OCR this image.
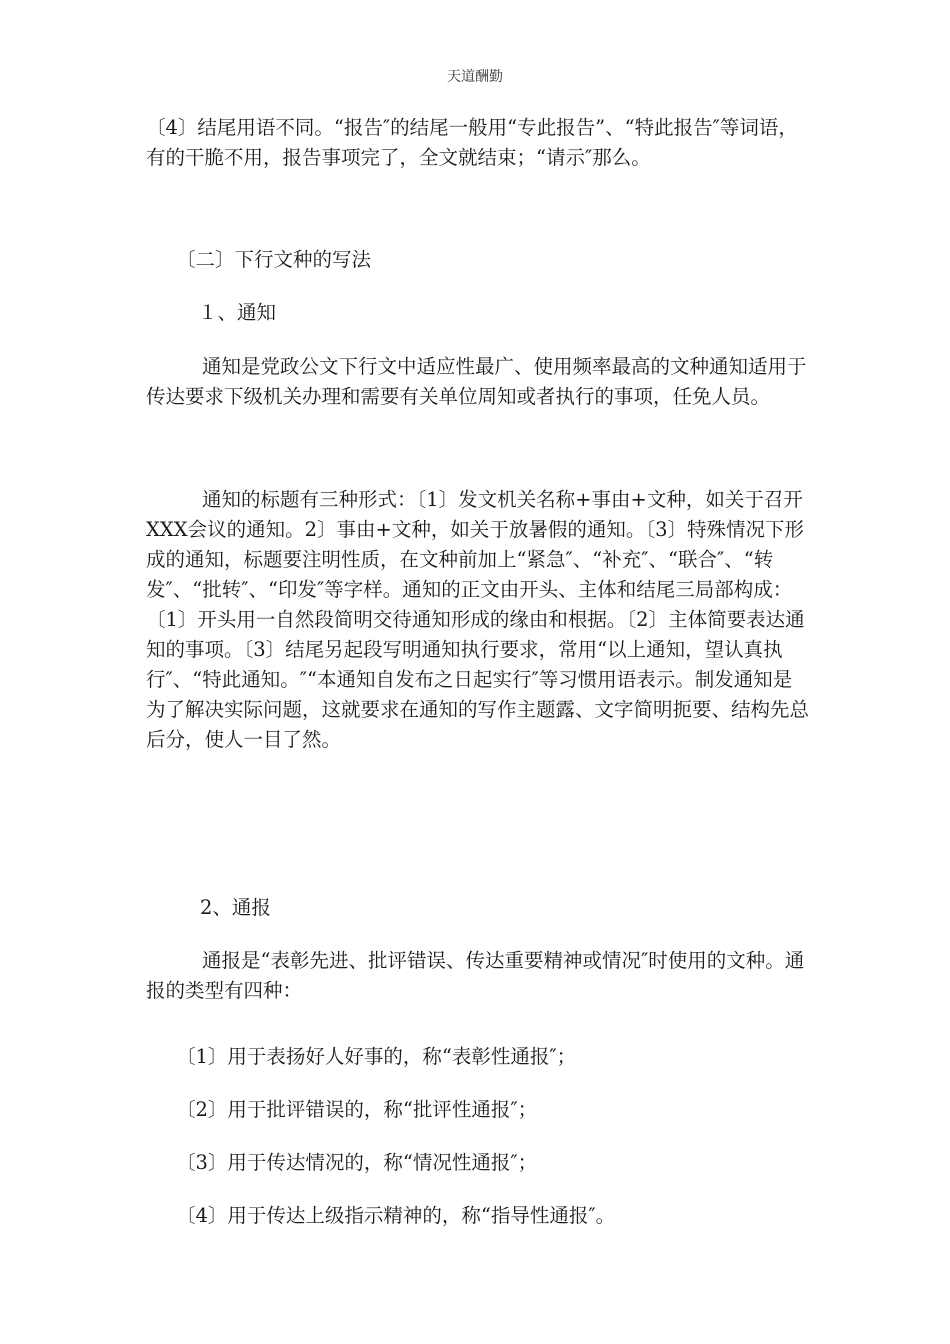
天道酬勤

〔4〕结尾用语不同。“报告″的结尾一般用“专此报告”、“特此报告″等词语，有的干脆不用，报告事项完了，全文就结束；“请示″那么。

〔二〕下行文种的写法

１、通知

通知是党政公文下行文中适应性最广、使用频率最高的文种通知适用于传达要求下级机关办理和需要有关单位周知或者执行的事项，任免人员。

通知的标题有三种形式：〔1〕发文机关名称+事由+文种，如关于召开XXX会议的通知。2〕事由+文种，如关于放暑假的通知。〔3〕特殊情况下形成的通知，标题要注明性质，在文种前加上“紧急″、“补充″、“联合″、“转发″、“批转″、“印发″等字样。通知的正文由开头、主体和结尾三局部构成：〔1〕开头用一自然段简明交待通知形成的缘由和根据。〔2〕主体简要表达通知的事项。〔3〕结尾另起段写明通知执行要求，常用“以上通知，望认真执行″、“特此通知。″“本通知自发布之日起实行″等习惯用语表示。制发通知是为了解决实际问题，这就要求在通知的写作主题露、文字简明扼要、结构先总后分，使人一目了然。

2、通报

通报是“表彰先进、批评错误、传达重要精神或情况″时使用的文种。通报的类型有四种：

〔1〕用于表扬好人好事的，称“表彰性通报″；

〔2〕用于批评错误的，称“批评性通报″；

〔3〕用于传达情况的，称“情况性通报″；

〔4〕用于传达上级指示精神的，称“指导性通报″。
